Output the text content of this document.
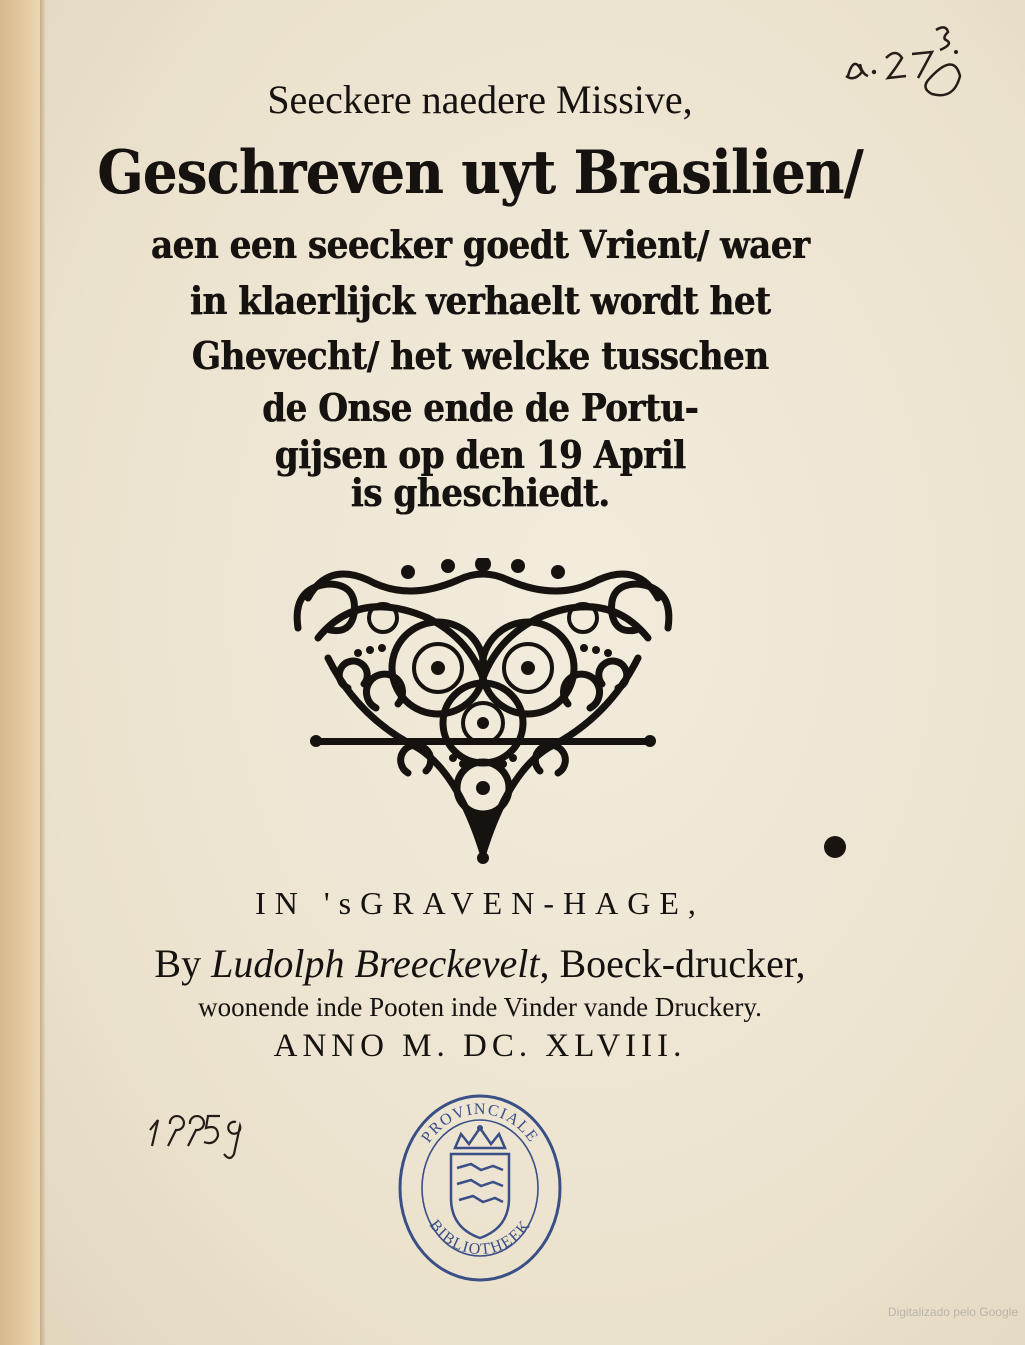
Seeckere naedere Missive,
Geschreven uyt Brasilien/
aen een seecker goedt Vrient/ waer
in klaerlijck verhaelt wordt het
Ghevecht/ het welcke tusschen
de Onse ende de Portu-
gijsen op den 19 April
is gheschiedt.
IN 'sGRAVEN-HAGE,
By Ludolph Breeckevelt, Boeck-drucker,
woonende inde Pooten inde Vinder vande Druckery.
ANNO M. DC. XLVIII.
PROVINCIALE
BIBLIOTHEEK
Digitalizado pelo Google
